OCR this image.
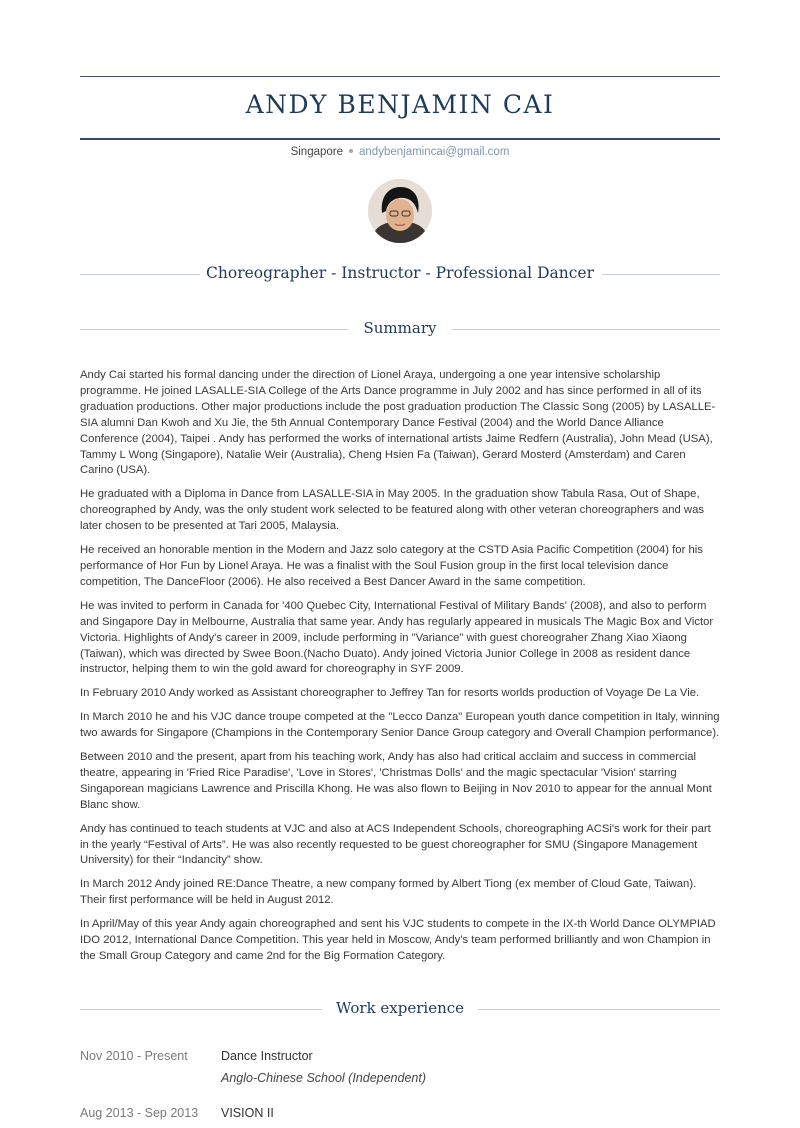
ANDY BENJAMIN CAI
Singapore andybenjamincai@gmail.com
Choreographer - Instructor - Professional Dancer
Summary

Andy Cai started his formal dancing under the direction of Lionel Araya, undergoing a one year intensive scholarship programme. He joined LASALLE-SIA College of the Arts Dance programme in July 2002 and has since performed in all of its graduation productions. Other major productions include the post graduation production The Classic Song (2005) by LASALLE-SIA alumni Dan Kwoh and Xu Jie, the 5th Annual Contemporary Dance Festival (2004) and the World Dance Alliance Conference (2004), Taipei . Andy has performed the works of international artists Jaime Redfern (Australia), John Mead (USA), Tammy L Wong (Singapore), Natalie Weir (Australia), Cheng Hsien Fa (Taiwan), Gerard Mosterd (Amsterdam) and Caren Carino (USA).

He graduated with a Diploma in Dance from LASALLE-SIA in May 2005. In the graduation show Tabula Rasa, Out of Shape, choreographed by Andy, was the only student work selected to be featured along with other veteran choreographers and was later chosen to be presented at Tari 2005, Malaysia.

He received an honorable mention in the Modern and Jazz solo category at the CSTD Asia Pacific Competition (2004) for his performance of Hor Fun by Lionel Araya. He was a finalist with the Soul Fusion group in the first local television dance competition, The DanceFloor (2006). He also received a Best Dancer Award in the same competition.

He was invited to perform in Canada for '400 Quebec City, International Festival of Military Bands' (2008), and also to perform and Singapore Day in Melbourne, Australia that same year. Andy has regularly appeared in musicals The Magic Box and Victor Victoria. Highlights of Andy's career in 2009, include performing in "Variance" with guest choreograher Zhang Xiao Xiaong (Taiwan), which was directed by Swee Boon.(Nacho Duato). Andy joined Victoria Junior College in 2008 as resident dance instructor, helping them to win the gold award for choreography in SYF 2009.

In February 2010 Andy worked as Assistant choreographer to Jeffrey Tan for resorts worlds production of Voyage De La Vie.

In March 2010 he and his VJC dance troupe competed at the "Lecco Danza" European youth dance competition in Italy, winning two awards for Singapore (Champions in the Contemporary Senior Dance Group category and Overall Champion performance).

Between 2010 and the present, apart from his teaching work, Andy has also had critical acclaim and success in commercial theatre, appearing in 'Fried Rice Paradise', 'Love in Stores', 'Christmas Dolls' and the magic spectacular 'Vision' starring Singaporean magicians Lawrence and Priscilla Khong. He was also flown to Beijing in Nov 2010 to appear for the annual Mont Blanc show.

Andy has continued to teach students at VJC and also at ACS Independent Schools, choreographing ACSi's work for their part in the yearly “Festival of Arts”. He was also recently requested to be guest choreographer for SMU (Singapore Management University) for their “Indancity” show.

In March 2012 Andy joined RE:Dance Theatre, a new company formed by Albert Tiong (ex member of Cloud Gate, Taiwan). Their first performance will be held in August 2012.

In April/May of this year Andy again choreographed and sent his VJC students to compete in the IX-th World Dance OLYMPIAD IDO 2012, International Dance Competition. This year held in Moscow, Andy's team performed brilliantly and won Champion in the Small Group Category and came 2nd for the Big Formation Category.

Work experience
Nov 2010 - Present	Dance Instructor
Anglo-Chinese School (Independent)
Aug 2013 - Sep 2013 VISION II
